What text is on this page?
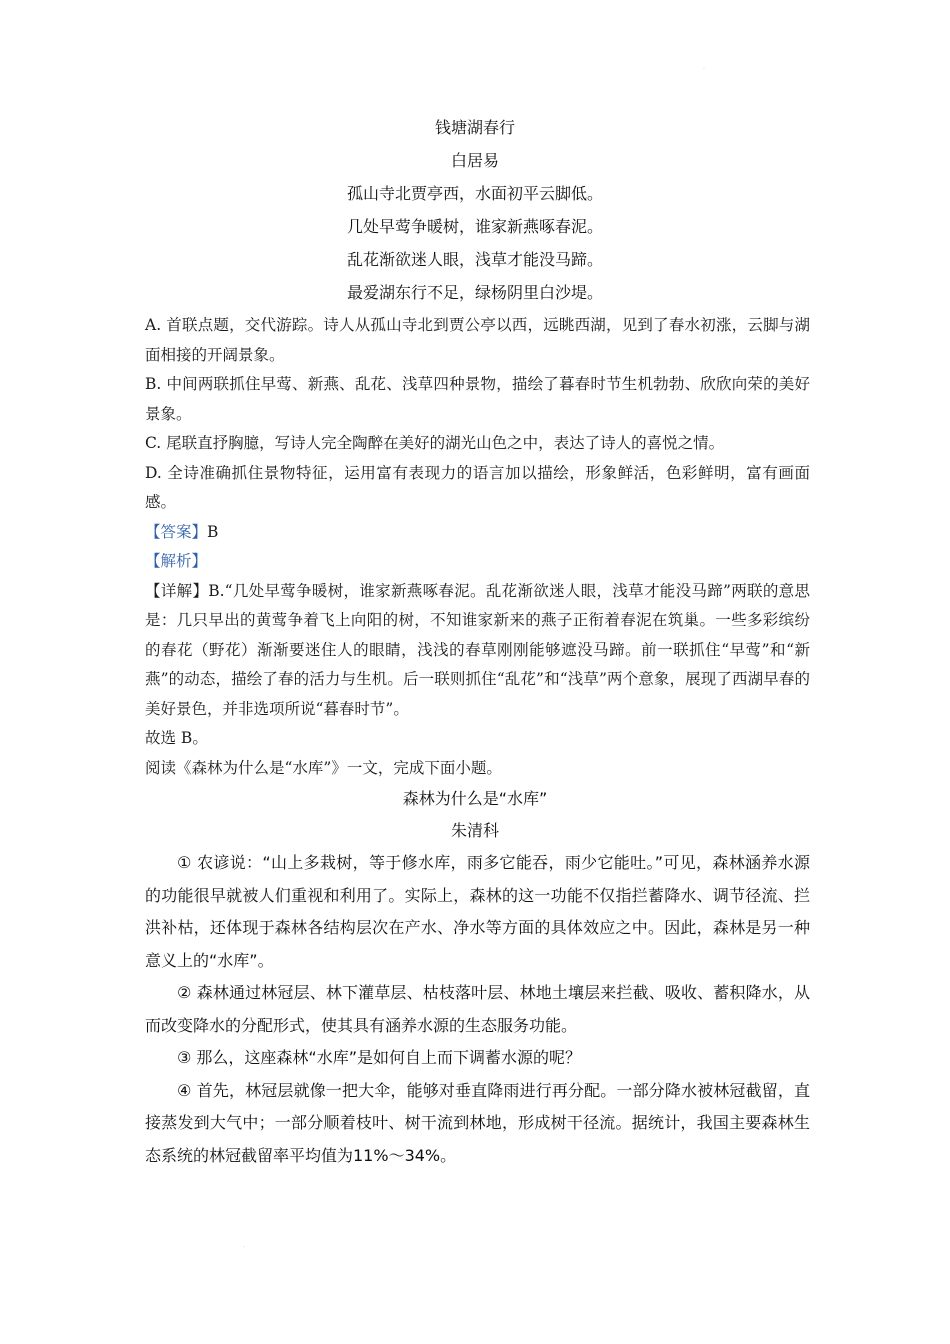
·
钱塘湖春行
白居易
孤山寺北贾亭西，水面初平云脚低。
几处早莺争暖树，谁家新燕啄春泥。
乱花渐欲迷人眼，浅草才能没马蹄。
最爱湖东行不足，绿杨阴里白沙堤。

A. 首联点题，交代游踪。诗人从孤山寺北到贾公亭以西，远眺西湖，见到了春水初涨，云脚与湖面相接的开阔景象。

B. 中间两联抓住早莺、新燕、乱花、浅草四种景物，描绘了暮春时节生机勃勃、欣欣向荣的美好景象。

C. 尾联直抒胸臆，写诗人完全陶醉在美好的湖光山色之中，表达了诗人的喜悦之情。

D. 全诗准确抓住景物特征，运用富有表现力的语言加以描绘，形象鲜活，色彩鲜明，富有画面感。

【答案】B

【解析】

【详解】B.“几处早莺争暖树，谁家新燕啄春泥。乱花渐欲迷人眼，浅草才能没马蹄”两联的意思是：几只早出的黄莺争着飞上向阳的树，不知谁家新来的燕子正衔着春泥在筑巢。一些多彩缤纷的春花（野花）渐渐要迷住人的眼睛，浅浅的春草刚刚能够遮没马蹄。前一联抓住“早莺”和“新燕”的动态，描绘了春的活力与生机。后一联则抓住“乱花”和“浅草”两个意象，展现了西湖早春的美好景色，并非选项所说“暮春时节”。

故选 B。

阅读《森林为什么是“水库”》一文，完成下面小题。

森林为什么是“水库”
朱清科

① 农谚说：“山上多栽树，等于修水库，雨多它能吞，雨少它能吐。”可见，森林涵养水源的功能很早就被人们重视和利用了。实际上，森林的这一功能不仅指拦蓄降水、调节径流、拦洪补枯，还体现于森林各结构层次在产水、净水等方面的具体效应之中。因此，森林是另一种意义上的“水库”。

② 森林通过林冠层、林下灌草层、枯枝落叶层、林地土壤层来拦截、吸收、蓄积降水，从而改变降水的分配形式，使其具有涵养水源的生态服务功能。

③ 那么，这座森林“水库”是如何自上而下调蓄水源的呢？

④ 首先，林冠层就像一把大伞，能够对垂直降雨进行再分配。一部分降水被林冠截留，直接蒸发到大气中；一部分顺着枝叶、树干流到林地，形成树干径流。据统计，我国主要森林生态系统的林冠截留率平均值为11%～34%。

·
